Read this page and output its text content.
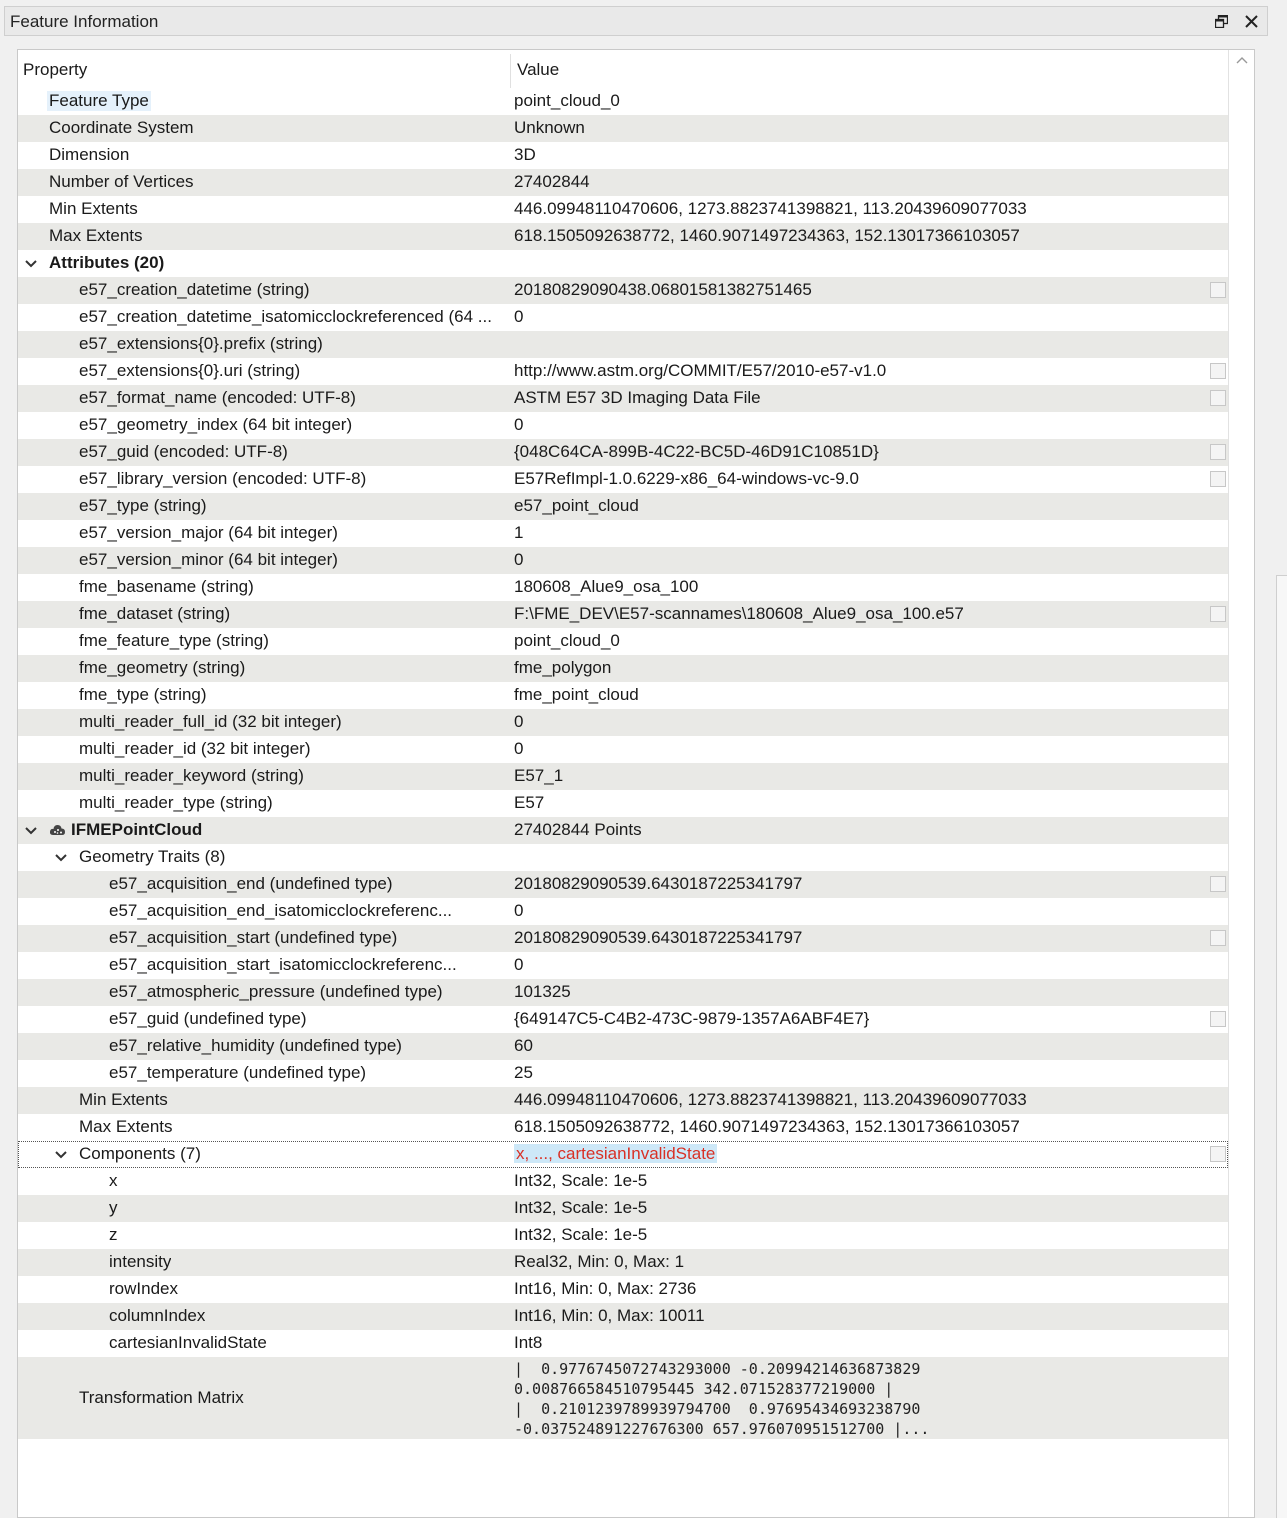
Feature Information
Property	Value
Feature Type	point_cloud_0
Coordinate System	Unknown
Dimension	3D
Number of Vertices	27402844
Min Extents	446.09948110470606, 1273.8823741398821, 113.20439609077033
Max Extents	618.1505092638772, 1460.9071497234363, 152.13017366103057
Attributes (20)
e57_creation_datetime (string)	20180829090438.0680158138275146​5
e57_creation_datetime_isatomicclockreferenced (64 ...	0
e57_extensions{0}.prefix (string)
e57_extensions{0}.uri (string)	http://www.astm.org/COMMIT/E57/2010-e57-v1.0
e57_format_name (encoded: UTF-8)	ASTM E57 3D Imaging Data File
e57_geometry_index (64 bit integer)	0
e57_guid (encoded: UTF-8)	{048C64CA-899B-4C22-BC5D-46D91C10851D}
e57_library_version (encoded: UTF-8)	E57RefImpl-1.0.6229-x86_64-windows-vc-9.0
e57_type (string)	e57_point_cloud
e57_version_major (64 bit integer)	1
e57_version_minor (64 bit integer)	0
fme_basename (string)	180608_Alue9_osa_100
fme_dataset (string)	F:\FME_DEV\E57-scannames\180608_Alue9_osa_100.e57
fme_feature_type (string)	point_cloud_0
fme_geometry (string)	fme_polygon
fme_type (string)	fme_point_cloud
multi_reader_full_id (32 bit integer)	0
multi_reader_id (32 bit integer)	0
multi_reader_keyword (string)	E57_1
multi_reader_type (string)	E57
IFMEPointCloud	27402844 Points
Geometry Traits (8)
e57_acquisition_end (undefined type)	20180829090539.6430187225341797
e57_acquisition_end_isatomicclockreferenc...	0
e57_acquisition_start (undefined type)	20180829090539.6430187225341797
e57_acquisition_start_isatomicclockreferenc...	0
e57_atmospheric_pressure (undefined type)	101325
e57_guid (undefined type)	{649147C5-C4B2-473C-9879-1357A6ABF4E7}
e57_relative_humidity (undefined type)	60
e57_temperature (undefined type)	25
Min Extents	446.09948110470606, 1273.8823741398821, 113.20439609077033
Max Extents	618.1505092638772, 1460.9071497234363, 152.13017366103057
Components (7)	x, ..., cartesianInvalidState
x	Int32, Scale: 1e-5
y	Int32, Scale: 1e-5
z	Int32, Scale: 1e-5
intensity	Real32, Min: 0, Max: 1
rowIndex	Int16, Min: 0, Max: 2736
columnIndex	Int16, Min: 0, Max: 10011
cartesianInvalidState	Int8
Transformation Matrix
|  0.9776745072743293000 -0.20994214636873829
0.008766584510795445 342.071528377219000 |
|  0.2101239789939794700  0.97695434693238790
-0.037524891227676300 657.976070951512700 |...
